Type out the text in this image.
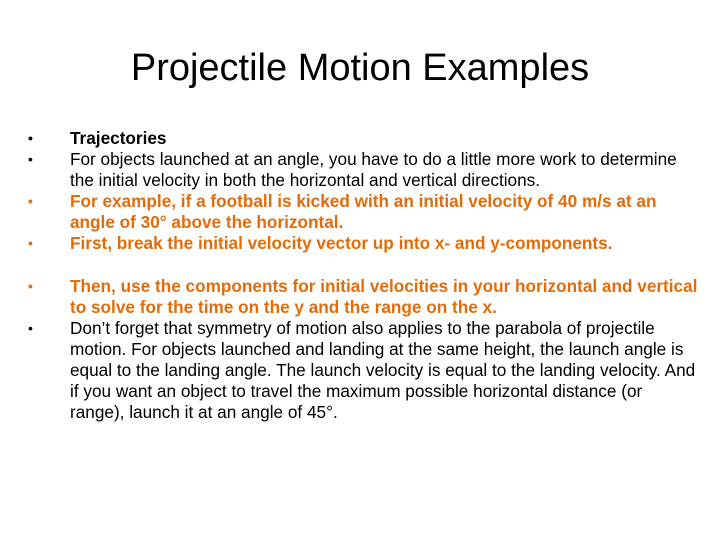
Projectile Motion Examples
•	Trajectories
•	For objects launched at an angle, you have to do a little more work to determine the initial velocity in both the horizontal and vertical directions.
•	For example, if a football is kicked with an initial velocity of 40 m/s at an angle of 30° above the horizontal.
•	First, break the initial velocity vector up into x- and y-components.
•	Then, use the components for initial velocities in your horizontal and vertical to solve for the time on the y and the range on the x.
•	Don’t forget that symmetry of motion also applies to the parabola of projectile motion. For objects launched and landing at the same height, the launch angle is equal to the landing angle. The launch velocity is equal to the landing velocity. And if you want an object to travel the maximum possible horizontal distance (or range), launch it at an angle of 45°.
